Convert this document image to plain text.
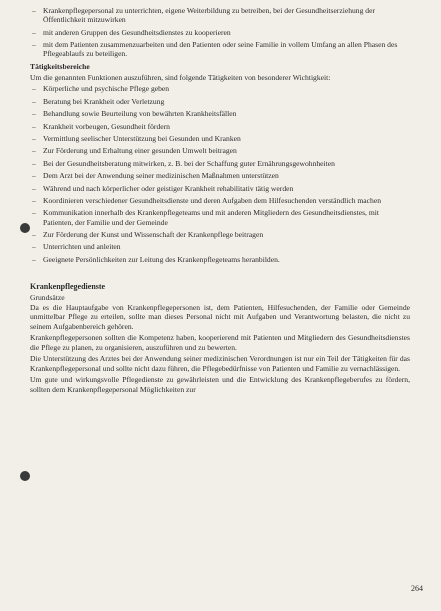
– Krankenpflegepersonal zu unterrichten, eigene Weiterbildung zu betreiben, bei der Gesundheitserziehung der Öffentlichkeit mitzuwirken
– mit anderen Gruppen des Gesundheitsdienstes zu kooperieren
– mit dem Patienten zusammenzuarbeiten und den Patienten oder seine Familie in vollem Umfang an allen Phasen des Pflegeablaufs zu beteiligen.
Tätigkeitsbereiche

Um die genannten Funktionen auszuführen, sind folgende Tätigkeiten von besonderer Wichtigkeit:

– Körperliche und psychische Pflege geben
– Beratung bei Krankheit oder Verletzung
– Behandlung sowie Beurteilung von bewährten Krankheitsfällen
– Krankheit vorbeugen, Gesundheit fördern
– Vermittlung seelischer Unterstützung bei Gesunden und Kranken
– Zur Förderung und Erhaltung einer gesunden Umwelt beitragen
– Bei der Gesundheitsberatung mitwirken, z. B. bei der Schaffung guter Ernährungsgewohnheiten
– Dem Arzt bei der Anwendung seiner medizinischen Maßnahmen unterstützen
– Während und nach körperlicher oder geistiger Krankheit rehabilitativ tätig werden
– Koordinieren verschiedener Gesundheitsdienste und deren Aufgaben dem Hilfesuchenden verständlich machen
– Kommunikation innerhalb des Krankenpflegeteams und mit anderen Mitgliedern des Gesundheitsdienstes, mit Patienten, der Familie und der Gemeinde
– Zur Förderung der Kunst und Wissenschaft der Krankenpflege beitragen
– Unterrichten und anleiten
– Geeignete Persönlichkeiten zur Leitung des Krankenpflegeteams heranbilden.
Krankenpflegedienste
Grundsätze

Da es die Hauptaufgabe von Krankenpflegepersonen ist, dem Patienten, Hilfesuchenden, der Familie oder Gemeinde unmittelbar Pflege zu erteilen, sollte man dieses Personal nicht mit Aufgaben und Verantwortung belasten, die nicht zu seinem Aufgabenbereich gehören.

Krankenpflegepersonen sollten die Kompetenz haben, kooperierend mit Patienten und Mitgliedern des Gesundheitsdienstes die Pflege zu planen, zu organisieren, auszuführen und zu bewerten.

Die Unterstützung des Arztes bei der Anwendung seiner medizinischen Verordnungen ist nur ein Teil der Tätigkeiten für das Krankenpflegepersonal und sollte nicht dazu führen, die Pflegebedürfnisse von Patienten und Familie zu vernachlässigen.

Um gute und wirkungsvolle Pflegedienste zu gewährleisten und die Entwicklung des Krankenpflegeberufes zu fördern, sollten dem Krankenpflegepersonal Möglichkeiten zur

264
